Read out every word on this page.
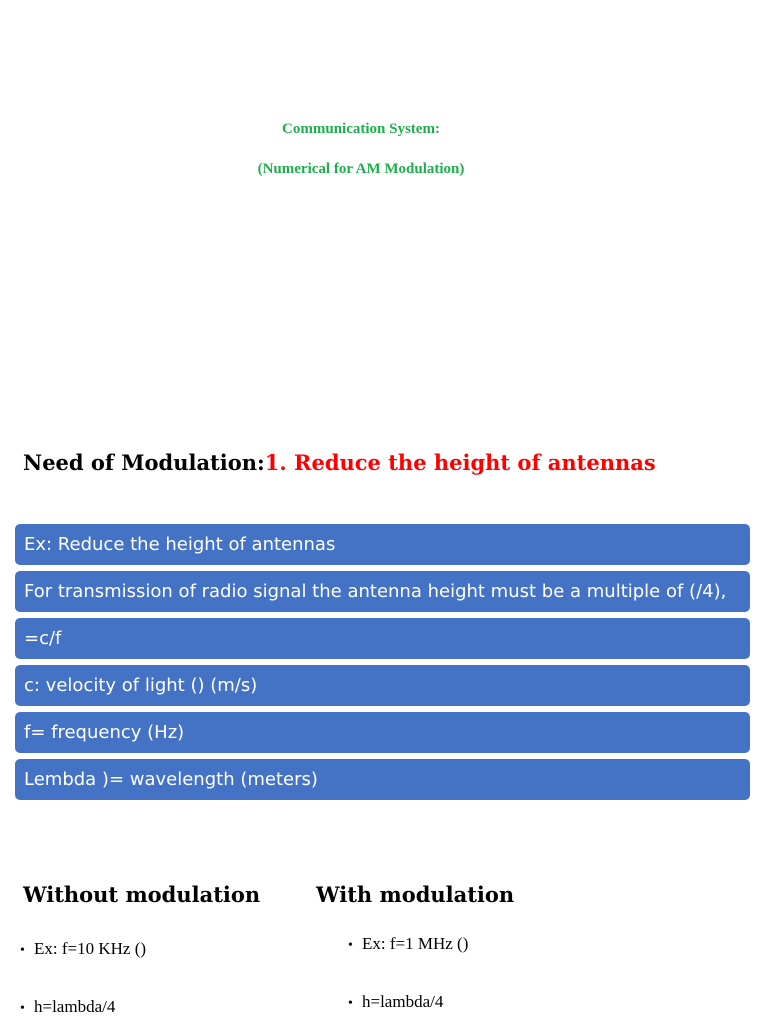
Communication System:
(Numerical for AM Modulation)
Need of Modulation:1. Reduce the height of antennas
Ex: Reduce the height of antennas
For transmission of radio signal the antenna height must be a multiple of (/4),
=c/f
c: velocity of light () (m/s)
f= frequency (Hz)
Lembda )= wavelength (meters)
Without modulation	With modulation
• Ex: f=10 KHz ()
• h=lambda/4
• Ex: f=1 MHz ()
• h=lambda/4
